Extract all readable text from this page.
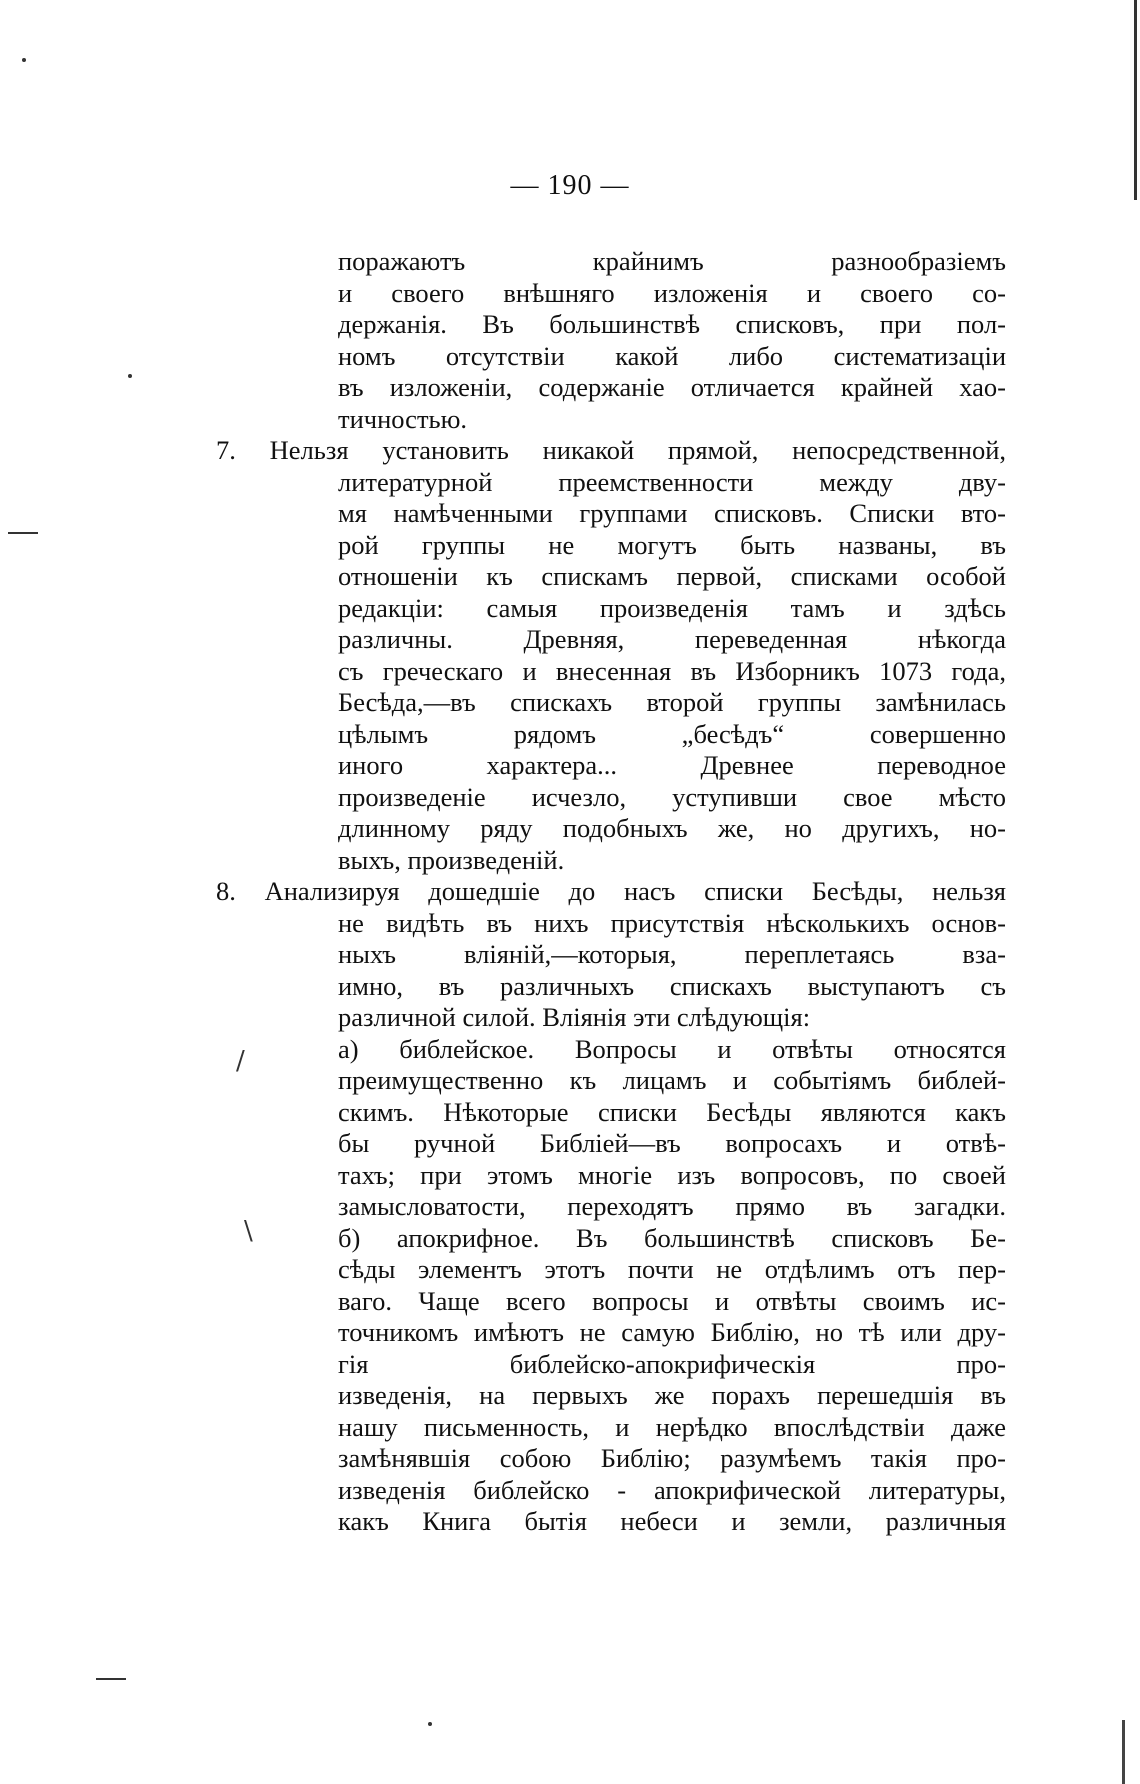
/
\
— 190 —
поражаютъ крайнимъ разнообразіемъ
и своего внѣшняго изложенія и своего со-
держанія. Въ большинствѣ списковъ, при пол-
номъ отсутствіи какой либо систематизаціи
въ изложеніи, содержаніе отличается крайней хао-
тичностью.
7. Нельзя установить никакой прямой, непосредственной,
литературной преемственности между дву-
мя намѣченными группами списковъ. Списки вто-
рой группы не могутъ быть названы, въ
отношеніи къ спискамъ первой, списками особой
редакціи: самыя произведенія тамъ и здѣсь
различны. Древняя, переведенная нѣкогда
съ греческаго и внесенная въ Изборникъ 1073 года,
Бесѣда,—въ спискахъ второй группы замѣнилась
цѣлымъ рядомъ „бесѣдъ“ совершенно
иного характера... Древнее переводное
произведеніе исчезло, уступивши свое мѣсто
длинному ряду подобныхъ же, но другихъ, но-
выхъ, произведеній.
8. Анализируя дошедшіе до насъ списки Бесѣды, нельзя
не видѣть въ нихъ присутствія нѣсколькихъ основ-
ныхъ вліяній,—которыя, переплетаясь вза-
имно, въ различныхъ спискахъ выступаютъ съ
различной силой. Вліянія эти слѣдующія:
а) библейское. Вопросы и отвѣты относятся
преимущественно къ лицамъ и событіямъ библей-
скимъ. Нѣкоторые списки Бесѣды являются какъ
бы ручной Библіей—въ вопросахъ и отвѣ-
тахъ; при этомъ многіе изъ вопросовъ, по своей
замысловатости, переходятъ прямо въ загадки.
б) апокрифное. Въ большинствѣ списковъ Бе-
сѣды элементъ этотъ почти не отдѣлимъ отъ пер-
ваго. Чаще всего вопросы и отвѣты своимъ ис-
точникомъ имѣютъ не самую Библію, но тѣ или дру-
гія библейско-апокрифическія про-
изведенія, на первыхъ же порахъ перешедшія въ
нашу письменность, и нерѣдко впослѣдствіи даже
замѣнявшія собою Библію; разумѣемъ такія про-
изведенія библейско - апокрифической литературы,
какъ Книга бытія небеси и земли, различныя
